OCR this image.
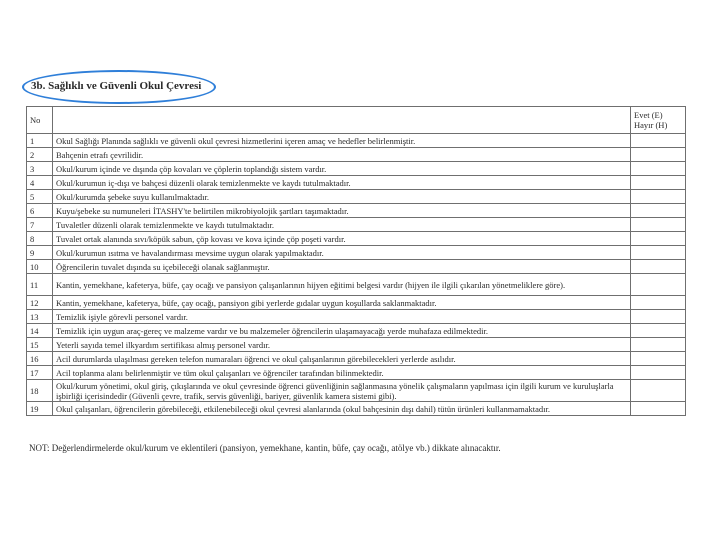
3b. Sağlıklı ve Güvenli Okul Çevresi
No		Evet (E)
Hayır (H)

1	Okul Sağlığı Planında sağlıklı ve güvenli okul çevresi hizmetlerini içeren amaç ve hedefler belirlenmiştir.	
2	Bahçenin etrafı çevrilidir.	
3	Okul/kurum içinde ve dışında çöp kovaları ve çöplerin toplandığı sistem vardır.	
4	Okul/kurumun iç-dışı ve bahçesi düzenli olarak temizlenmekte ve kaydı tutulmaktadır.	
5	Okul/kurumda şebeke suyu kullanılmaktadır.	
6	Kuyu/şebeke su numuneleri İTASHY'te belirtilen mikrobiyolojik şartları taşımaktadır.	
7	Tuvaletler düzenli olarak temizlenmekte ve kaydı tutulmaktadır.	
8	Tuvalet ortak alanında sıvı/köpük sabun, çöp kovası ve kova içinde çöp poşeti vardır.	
9	Okul/kurumun ısıtma ve havalandırması mevsime uygun olarak yapılmaktadır.	
10	Öğrencilerin tuvalet dışında su içebileceği olanak sağlanmıştır.	
11	Kantin, yemekhane, kafeterya, büfe, çay ocağı ve pansiyon çalışanlarının hijyen eğitimi belgesi vardır (hijyen ile ilgili çıkarılan yönetmeliklere göre).	
12	Kantin, yemekhane, kafeterya, büfe, çay ocağı, pansiyon gibi yerlerde gıdalar uygun koşullarda saklanmaktadır.	
13	Temizlik işiyle görevli personel vardır.	
14	Temizlik için uygun araç-gereç ve malzeme vardır ve bu malzemeler öğrencilerin ulaşamayacağı yerde muhafaza edilmektedir.	
15	Yeterli sayıda temel ilkyardım sertifikası almış personel vardır.	
16	Acil durumlarda ulaşılması gereken telefon numaraları öğrenci ve okul çalışanlarının görebilecekleri yerlerde asılıdır.	
17	Acil toplanma alanı belirlenmiştir ve tüm okul çalışanları ve öğrenciler tarafından bilinmektedir.	
18	Okul/kurum yönetimi, okul giriş, çıkışlarında ve okul çevresinde öğrenci güvenliğinin sağlanmasına yönelik çalışmaların yapılması için ilgili kurum ve kuruluşlarla işbirliği içerisindedir (Güvenli çevre, trafik, servis güvenliği, bariyer, güvenlik kamera sistemi gibi).	
19	Okul çalışanları, öğrencilerin görebileceği, etkilenebileceği okul çevresi alanlarında (okul bahçesinin dışı dahil) tütün ürünleri kullanmamaktadır.	
NOT: Değerlendirmelerde okul/kurum ve eklentileri (pansiyon, yemekhane, kantin, büfe, çay ocağı, atölye vb.) dikkate alınacaktır.
